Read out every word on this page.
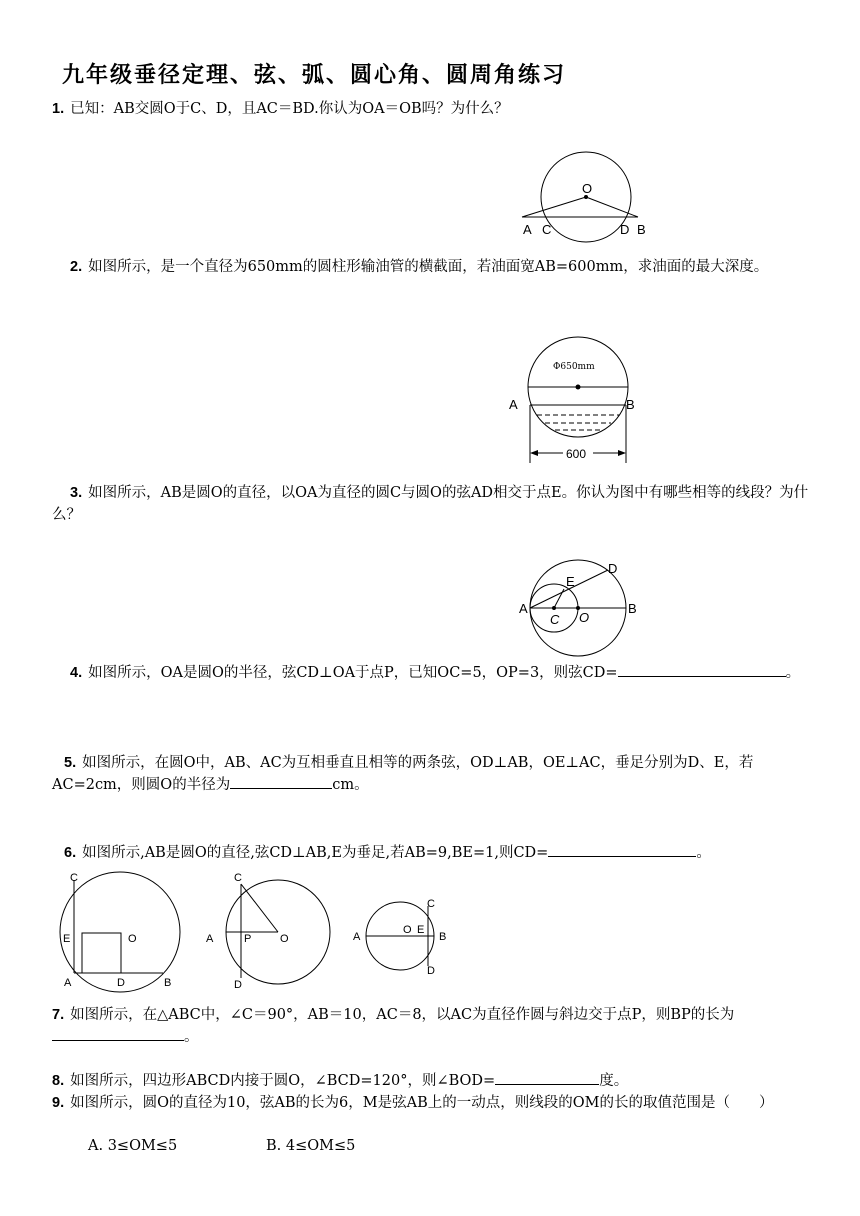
九年级垂径定理、弦、弧、圆心角、圆周角练习
1. 已知：AB交圆O于C、D，且AC＝BD.你认为OA＝OB吗？为什么？
O
A C	D B
2. 如图所示，是一个直径为650mm的圆柱形输油管的横截面，若油面宽AB=600mm，求油面的最大深度。
Φ650mm
A	B
600
3. 如图所示，AB是圆O的直径，以OA为直径的圆C与圆O的弦AD相交于点E。你认为图中有哪些相等的线段？为什么？
A	B
C O
D
E
4. 如图所示，OA是圆O的半径，弦CD⊥OA于点P，已知OC=5，OP=3，则弦CD=	。
5. 如图所示，在圆O中，AB、AC为互相垂直且相等的两条弦，OD⊥AB，OE⊥AC，垂足分别为D、E，若AC=2cm，则圆O的半径为	cm。
6. 如图所示,AB是圆O的直径,弦CD⊥AB,E为垂足,若AB=9,BE=1,则CD=	。
C
E	O
A	D	B
C
A	P	O
D
A
O E
B
C
D
7. 如图所示，在△ABC中，∠C＝90°，AB＝10，AC＝8，以AC为直径作圆与斜边交于点P，则BP的长为。
8. 如图所示，四边形ABCD内接于圆O，∠BCD=120°，则∠BOD=	度。
9. 如图所示，圆O的直径为10，弦AB的长为6，M是弦AB上的一动点，则线段的OM的长的取值范围是（　　）
A. 3≤OM≤5	B. 4≤OM≤5
